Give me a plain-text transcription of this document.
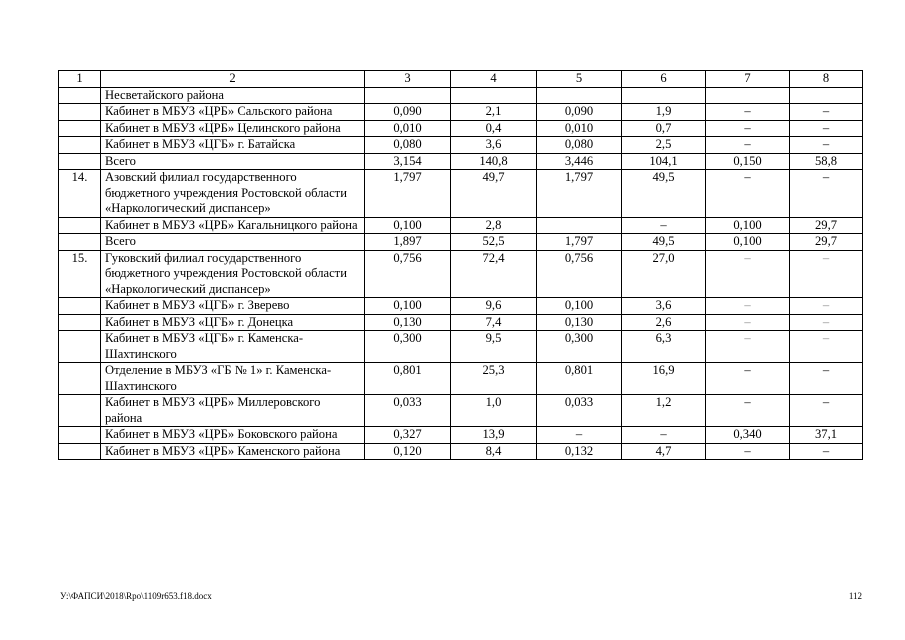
1	2	3	4	5	6	7	8
	Несветайского района						
	Кабинет в МБУЗ «ЦРБ» Сальского района	0,090	2,1	0,090	1,9	–	–
	Кабинет в МБУЗ «ЦРБ» Целинского района	0,010	0,4	0,010	0,7	–	–
	Кабинет в МБУЗ «ЦГБ» г. Батайска	0,080	3,6	0,080	2,5	–	–
	Всего	3,154	140,8	3,446	104,1	0,150	58,8
14.	Азовский филиал государственного бюджетного учреждения Ростовской области «Наркологический диспансер»	1,797	49,7	1,797	49,5	–	–
	Кабинет в МБУЗ «ЦРБ» Кагальницкого района	0,100	2,8		–	0,100	29,7
	Всего	1,897	52,5	1,797	49,5	0,100	29,7
15.	Гуковский филиал государственного бюджетного учреждения Ростовской области «Наркологический диспансер»	0,756	72,4	0,756	27,0	–	–
	Кабинет в МБУЗ «ЦГБ» г. Зверево	0,100	9,6	0,100	3,6	–	–
	Кабинет в МБУЗ «ЦГБ» г. Донецка	0,130	7,4	0,130	2,6	–	–
	Кабинет в МБУЗ «ЦГБ» г. Каменска-Шахтинского	0,300	9,5	0,300	6,3	–	–
	Отделение в МБУЗ «ГБ № 1» г. Каменска-Шахтинского	0,801	25,3	0,801	16,9	–	–
	Кабинет в МБУЗ «ЦРБ» Миллеровского района	0,033	1,0	0,033	1,2	–	–
	Кабинет в МБУЗ «ЦРБ» Боковского района	0,327	13,9	–	–	0,340	37,1
	Кабинет в МБУЗ «ЦРБ» Каменского района	0,120	8,4	0,132	4,7	–	–
У:\ФАПСИ\2018\Rpo\1109r653.f18.docx	112
